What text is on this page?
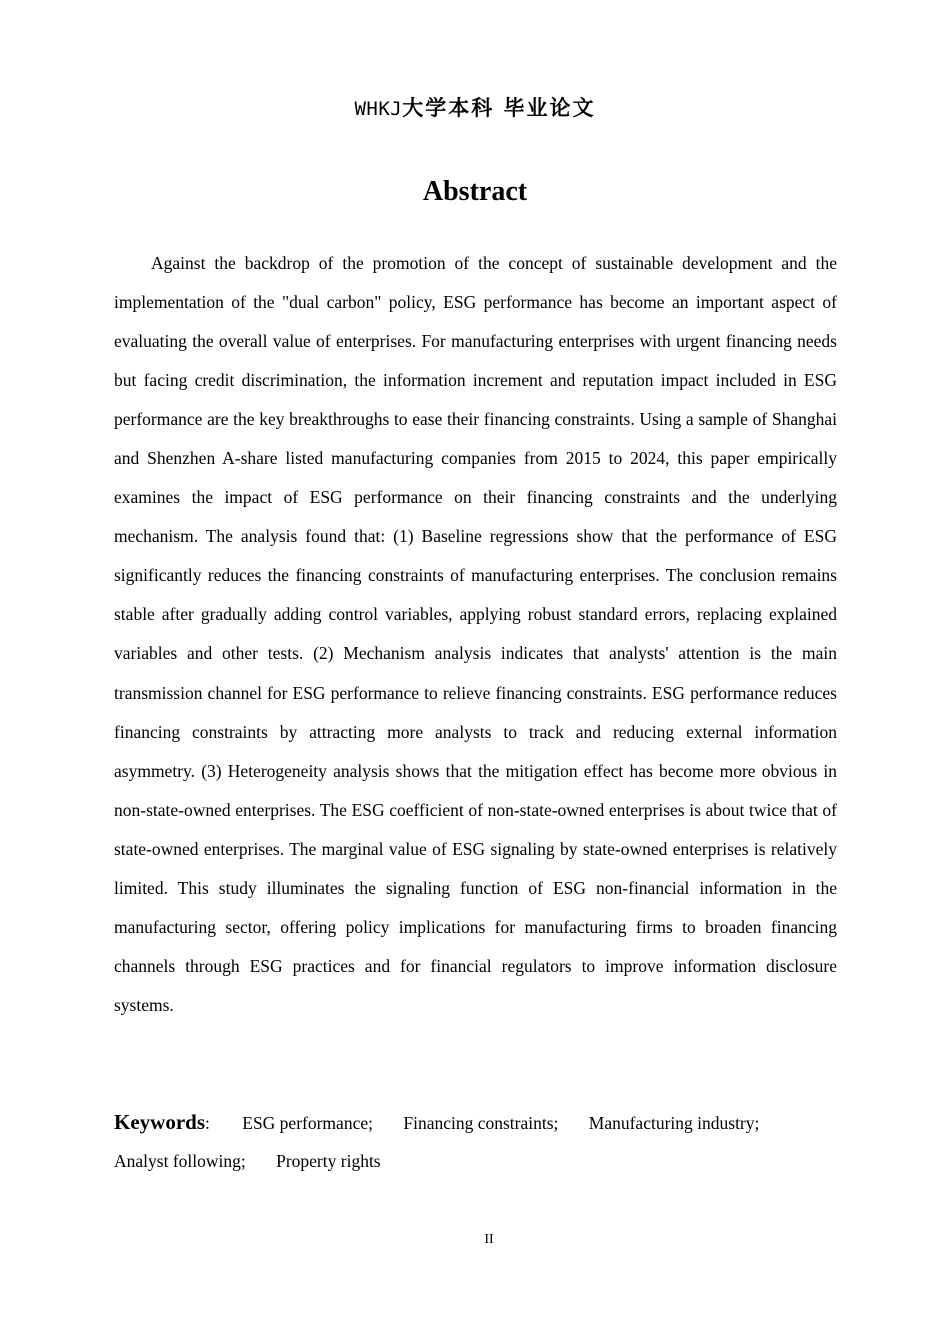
WHKJ大学本科 毕业论文
Abstract

Against the backdrop of the promotion of the concept of sustainable development and the implementation of the "dual carbon" policy, ESG performance has become an important aspect of evaluating the overall value of enterprises. For manufacturing enterprises with urgent financing needs but facing credit discrimination, the information increment and reputation impact included in ESG performance are the key breakthroughs to ease their financing constraints. Using a sample of Shanghai and Shenzhen A-share listed manufacturing companies from 2015 to 2024, this paper empirically examines the impact of ESG performance on their financing constraints and the underlying mechanism. The analysis found that: (1) Baseline regressions show that the performance of ESG significantly reduces the financing constraints of manufacturing enterprises. The conclusion remains stable after gradually adding control variables, applying robust standard errors, replacing explained variables and other tests. (2) Mechanism analysis indicates that analysts' attention is the main transmission channel for ESG performance to relieve financing constraints. ESG performance reduces financing constraints by attracting more analysts to track and reducing external information asymmetry. (3) Heterogeneity analysis shows that the mitigation effect has become more obvious in non-state-owned enterprises. The ESG coefficient of non-state-owned enterprises is about twice that of state-owned enterprises. The marginal value of ESG signaling by state-owned enterprises is relatively limited. This study illuminates the signaling function of ESG non-financial information in the manufacturing sector, offering policy implications for manufacturing firms to broaden financing channels through ESG practices and for financial regulators to improve information disclosure systems.

Keywords: ESG performance; Financing constraints; Manufacturing industry; Analyst following; Property rights
II
